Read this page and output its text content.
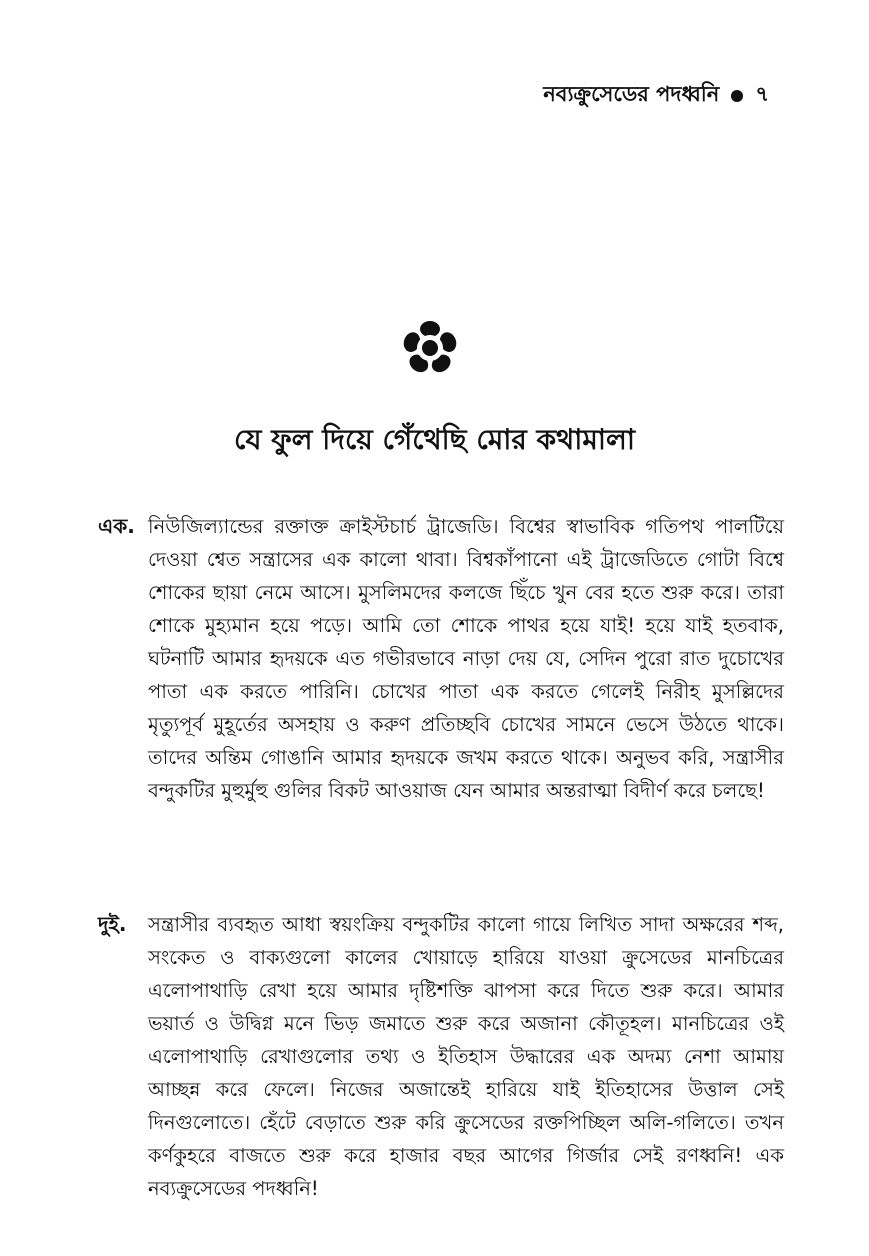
নব্যক্রুসেডের পদধ্বনি ৭
যে ফুল দিয়ে গেঁথেছি মোর কথামালা
এক. নিউজিল্যান্ডের রক্তাক্ত ক্রাইস্টচার্চ ট্রাজেডি। বিশ্বের স্বাভাবিক গতিপথ পালটিয়ে দেওয়া শ্বেত সন্ত্রাসের এক কালো থাবা। বিশ্বকাঁপানো এই ট্রাজেডিতে গোটা বিশ্বে শোকের ছায়া নেমে আসে। মুসলিমদের কলজে ছিঁচে খুন বের হতে শুরু করে। তারা শোকে মুহ্যমান হয়ে পড়ে। আমি তো শোকে পাথর হয়ে যাই! হয়ে যাই হতবাক, ঘটনাটি আমার হৃদয়কে এত গভীরভাবে নাড়া দেয় যে, সেদিন পুরো রাত দুচোখের পাতা এক করতে পারিনি। চোখের পাতা এক করতে গেলেই নিরীহ মুসল্লিদের মৃত্যুপূর্ব মুহূর্তের অসহায় ও করুণ প্রতিচ্ছবি চোখের সামনে ভেসে উঠতে থাকে। তাদের অন্তিম গোঙানি আমার হৃদয়কে জখম করতে থাকে। অনুভব করি, সন্ত্রাসীর বন্দুকটির মুহুর্মুহু গুলির বিকট আওয়াজ যেন আমার অন্তরাত্মা বিদীর্ণ করে চলছে!
দুই. সন্ত্রাসীর ব্যবহৃত আধা স্বয়ংক্রিয় বন্দুকটির কালো গায়ে লিখিত সাদা অক্ষরের শব্দ, সংকেত ও বাক্যগুলো কালের খোয়াড়ে হারিয়ে যাওয়া ক্রুসেডের মানচিত্রের এলোপাথাড়ি রেখা হয়ে আমার দৃষ্টিশক্তি ঝাপসা করে দিতে শুরু করে। আমার ভয়ার্ত ও উদ্বিগ্ন মনে ভিড় জমাতে শুরু করে অজানা কৌতূহল। মানচিত্রের ওই এলোপাথাড়ি রেখাগুলোর তথ্য ও ইতিহাস উদ্ধারের এক অদম্য নেশা আমায় আচ্ছন্ন করে ফেলে। নিজের অজান্তেই হারিয়ে যাই ইতিহাসের উত্তাল সেই দিনগুলোতে। হেঁটে বেড়াতে শুরু করি ক্রুসেডের রক্তপিচ্ছিল অলি-গলিতে। তখন কর্ণকুহরে বাজতে শুরু করে হাজার বছর আগের গির্জার সেই রণধ্বনি! এক নব্যক্রুসেডের পদধ্বনি!
